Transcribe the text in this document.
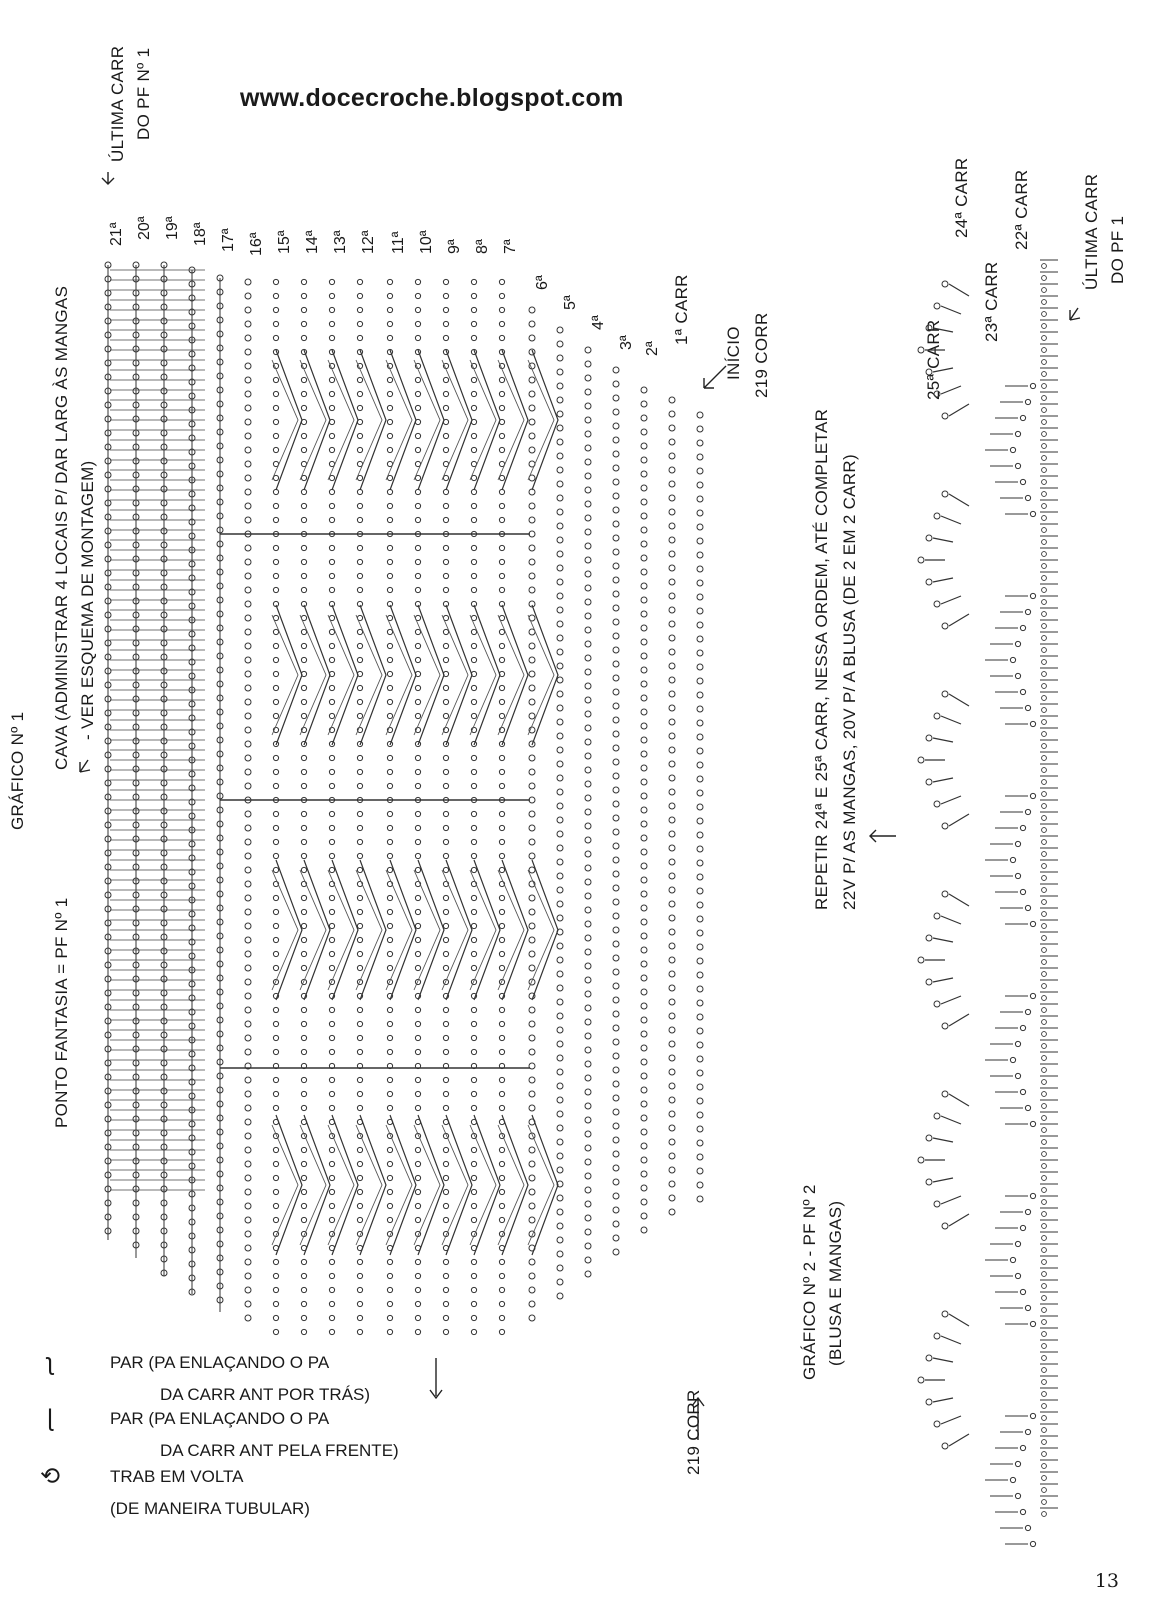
www.docecroche.blogspot.com
GRÁFICO Nº 1
PONTO FANTASIA = PF Nº 1
CAVA (ADMINISTRAR 4 LOCAIS P/ DAR LARG ÀS MANGAS - VER ESQUEMA DE MONTAGEM)
ÚLTIMA CARR DO PF Nº 1
INÍCIO 219 CORR
1ª CARR
219 CORR
21ª 20ª 19ª 18ª 17ª 16ª 15ª 14ª 13ª 12ª 11ª 10ª 9ª 8ª 7ª
6ª
5ª
4ª
3ª 2ª
GRÁFICO Nº 2 - PF Nº 2 (BLUSA E MANGAS)
REPETIR 24ª E 25ª CARR, NESSA ORDEM, ATÉ COMPLETAR 22V P/ AS MANGAS, 20V P/ A BLUSA (DE 2 EM 2 CARR)
25ª CARR
24ª CARR
23ª CARR
22ª CARR	ÚLTIMA CARR DO PF 1
ʅ	PAR (PA ENLAÇANDO O PA
DA CARR ANT POR TRÁS)
ɭ	PAR (PA ENLAÇANDO O PA
DA CARR ANT PELA FRENTE)
⟲	TRAB EM VOLTA
(DE MANEIRA TUBULAR)
13
